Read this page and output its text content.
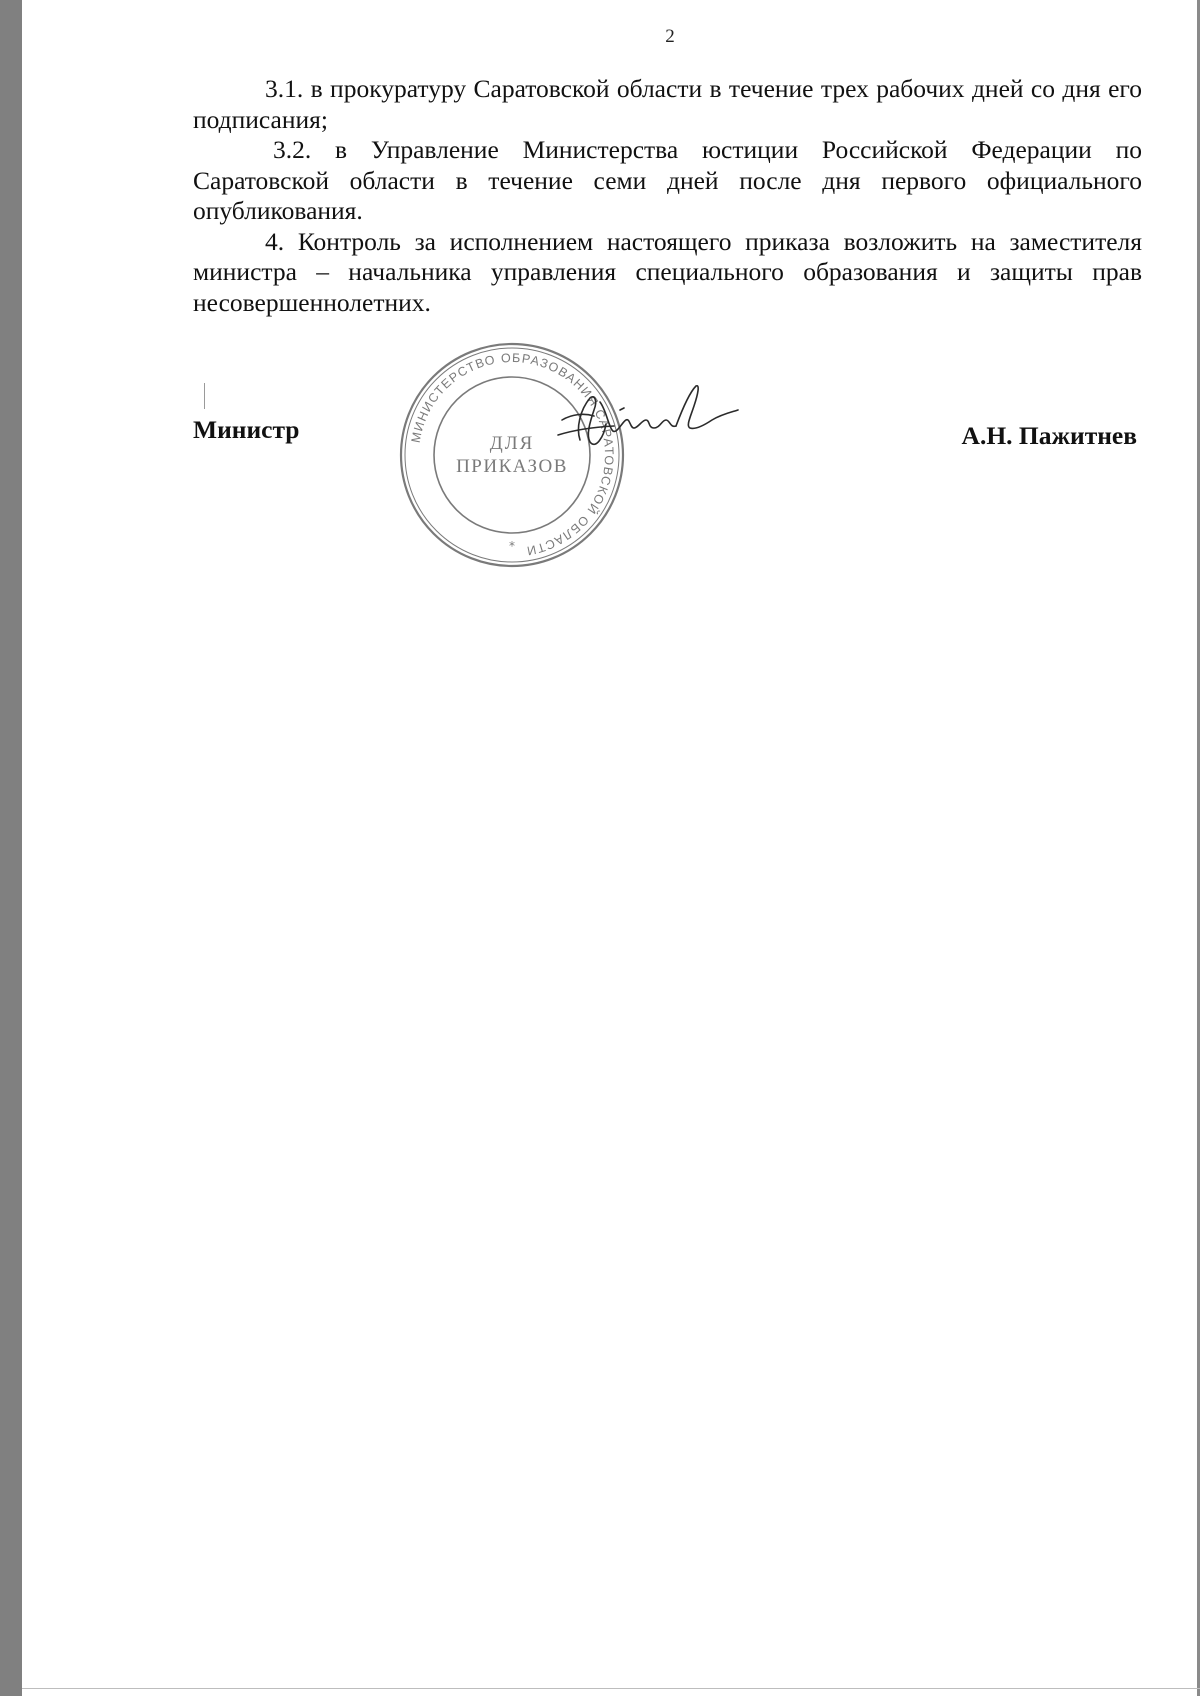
2

3.1. в прокуратуру Саратовской области в течение трех рабочих дней со дня его подписания;

3.2. в Управление Министерства юстиции Российской Федерации по Саратовской области в течение семи дней после дня первого официального опубликования.

4. Контроль за исполнением настоящего приказа возложить на заместителя министра – начальника управления специального образования и защиты прав несовершеннолетних.

Министр	МИНИСТЕРСТВО ОБРАЗОВАНИЯ САРАТОВСКОЙ ОБЛАСТИ
ДЛЯ
ПРИКАЗОВ
*
А.Н. Пажитнев
